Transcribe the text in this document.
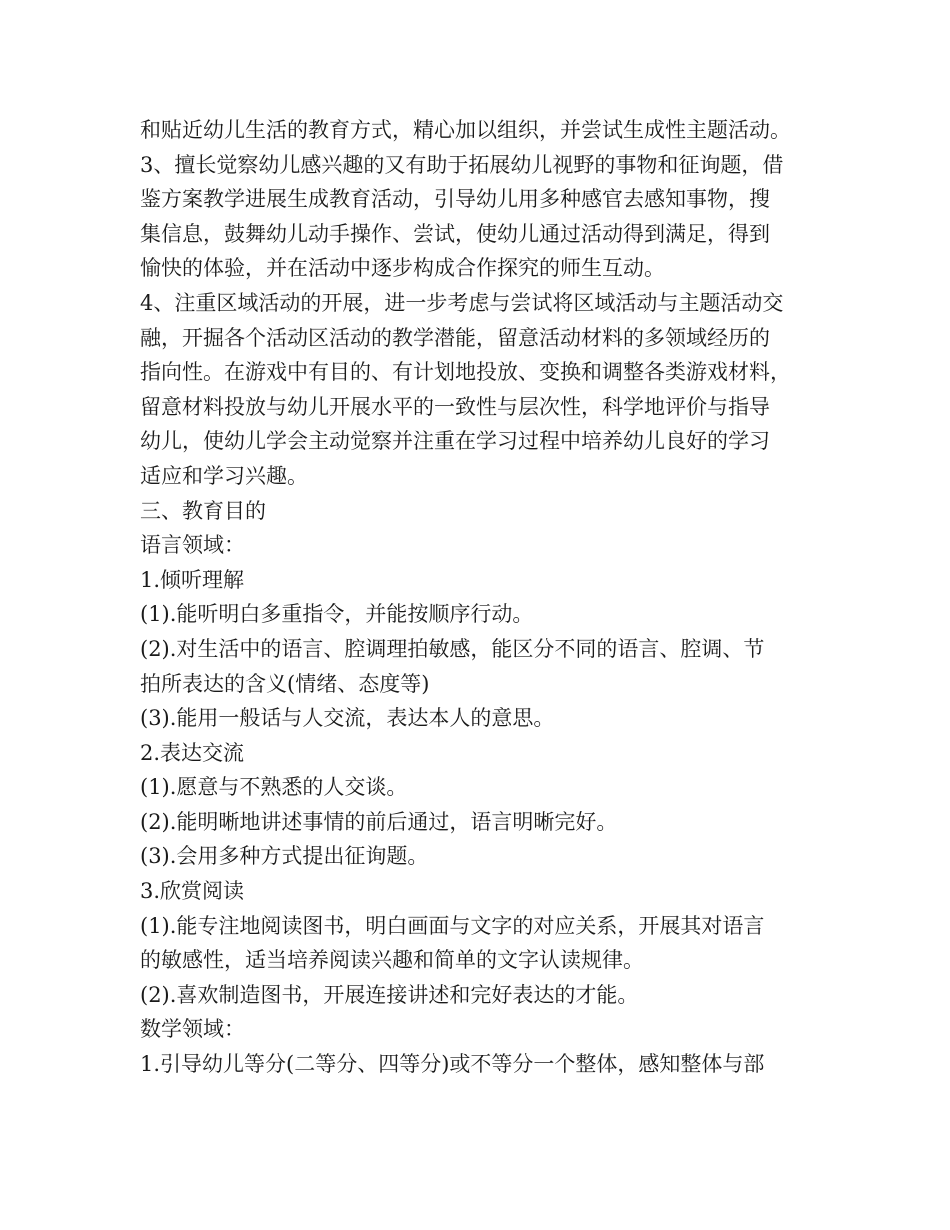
和贴近幼儿生活的教育方式，精心加以组织，并尝试生成性主题活动。
3、擅长觉察幼儿感兴趣的又有助于拓展幼儿视野的事物和征询题，借
鉴方案教学进展生成教育活动，引导幼儿用多种感官去感知事物，搜
集信息，鼓舞幼儿动手操作、尝试，使幼儿通过活动得到满足，得到
愉快的体验，并在活动中逐步构成合作探究的师生互动。
4、注重区域活动的开展，进一步考虑与尝试将区域活动与主题活动交
融，开掘各个活动区活动的教学潜能，留意活动材料的多领域经历的
指向性。在游戏中有目的、有计划地投放、变换和调整各类游戏材料，
留意材料投放与幼儿开展水平的一致性与层次性，科学地评价与指导
幼儿，使幼儿学会主动觉察并注重在学习过程中培养幼儿良好的学习
适应和学习兴趣。
三、教育目的
语言领域：
1.倾听理解
(1).能听明白多重指令，并能按顺序行动。
(2).对生活中的语言、腔调理拍敏感，能区分不同的语言、腔调、节
拍所表达的含义(情绪、态度等)
(3).能用一般话与人交流，表达本人的意思。
2.表达交流
(1).愿意与不熟悉的人交谈。
(2).能明晰地讲述事情的前后通过，语言明晰完好。
(3).会用多种方式提出征询题。
3.欣赏阅读
(1).能专注地阅读图书，明白画面与文字的对应关系，开展其对语言
的敏感性，适当培养阅读兴趣和简单的文字认读规律。
(2).喜欢制造图书，开展连接讲述和完好表达的才能。
数学领域：
1.引导幼儿等分(二等分、四等分)或不等分一个整体，感知整体与部
